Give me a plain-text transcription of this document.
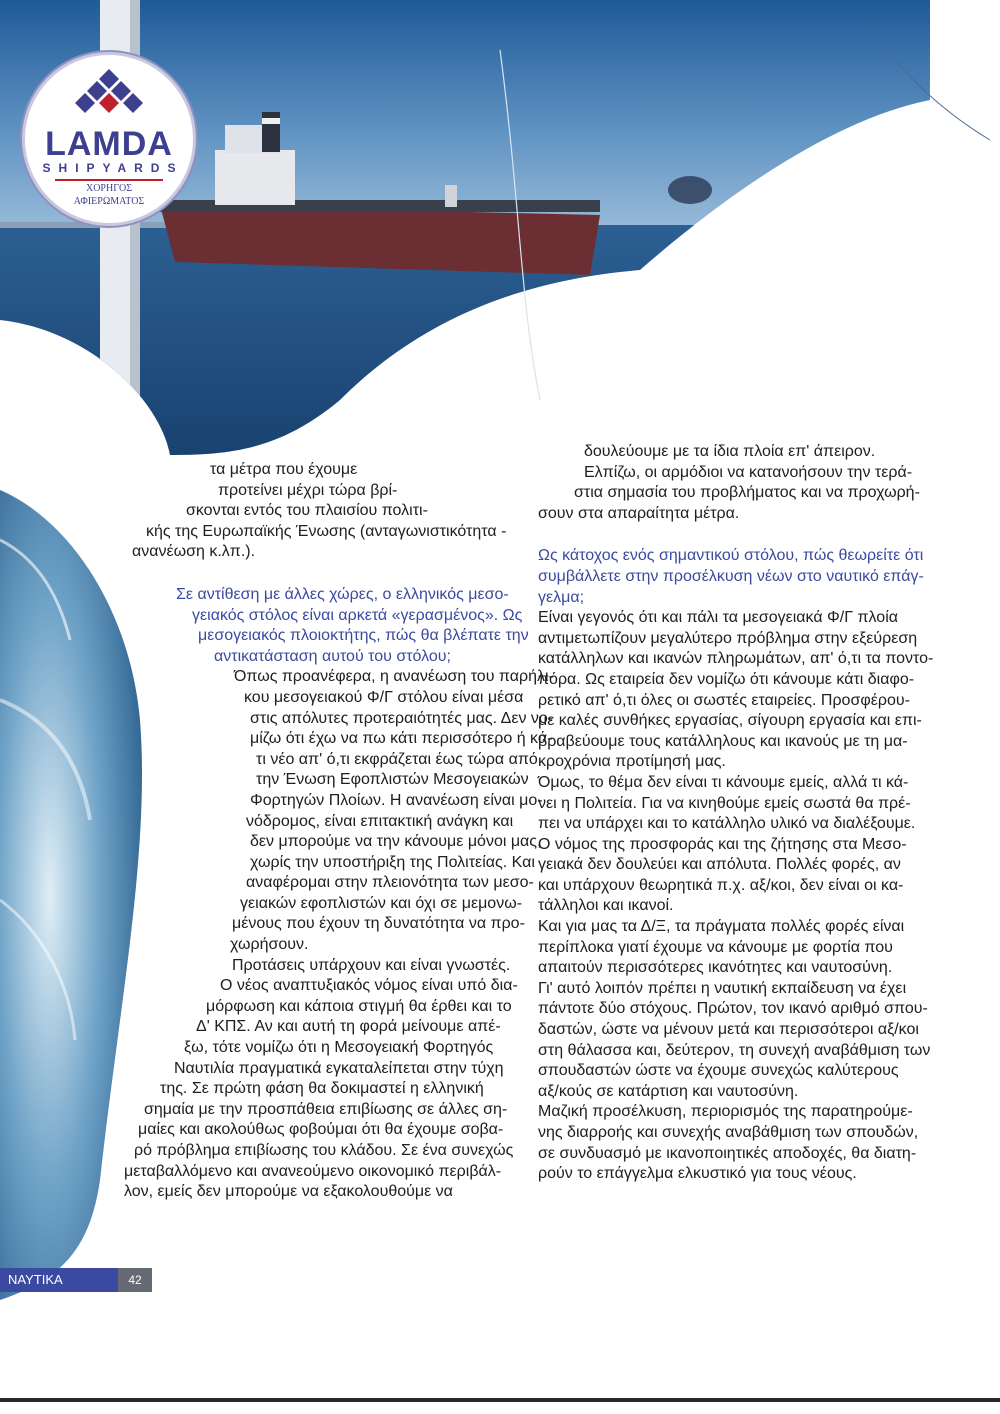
LAMDA
SHIPYARDS
ΧΟΡΗΓΟΣ
ΑΦΙΕΡΩΜΑΤΟΣ

τα μέτρα που έχουμε
προτείνει μέχρι τώρα βρί-
σκονται εντός του πλαισίου πολιτι-
κής της Ευρωπαϊκής Ένωσης (ανταγωνιστικότητα -
ανανέωση κ.λπ.).

Σε αντίθεση με άλλες χώρες, ο ελληνικός μεσο-
γειακός στόλος είναι αρκετά «γερασμένος». Ως
μεσογειακός πλοιοκτήτης, πώς θα βλέπατε την
αντικατάσταση αυτού του στόλου;

Όπως προανέφερα, η ανανέωση του παρήλι-
κου μεσογειακού Φ/Γ στόλου είναι μέσα
στις απόλυτες προτεραιότητές μας. Δεν νο-
μίζω ότι έχω να πω κάτι περισσότερο ή κά-
τι νέο απ' ό,τι εκφράζεται έως τώρα από
την Ένωση Εφοπλιστών Μεσογειακών
Φορτηγών Πλοίων. Η ανανέωση είναι μο-
νόδρομος, είναι επιτακτική ανάγκη και
δεν μπορούμε να την κάνουμε μόνοι μας,
χωρίς την υποστήριξη της Πολιτείας. Και
αναφέρομαι στην πλειονότητα των μεσο-
γειακών εφοπλιστών και όχι σε μεμονω-
μένους που έχουν τη δυνατότητα να προ-
χωρήσουν.

Προτάσεις υπάρχουν και είναι γνωστές.
Ο νέος αναπτυξιακός νόμος είναι υπό δια-
μόρφωση και κάποια στιγμή θα έρθει και το
Δ' ΚΠΣ. Αν και αυτή τη φορά μείνουμε απέ-
ξω, τότε νομίζω ότι η Μεσογειακή Φορτηγός
Ναυτιλία πραγματικά εγκαταλείπεται στην τύχη
της. Σε πρώτη φάση θα δοκιμαστεί η ελληνική
σημαία με την προσπάθεια επιβίωσης σε άλλες ση-
μαίες και ακολούθως φοβούμαι ότι θα έχουμε σοβα-
ρό πρόβλημα επιβίωσης του κλάδου. Σε ένα συνεχώς
μεταβαλλόμενο και ανανεούμενο οικονομικό περιβάλ-
λον, εμείς δεν μπορούμε να εξακολουθούμε να

δουλεύουμε με τα ίδια πλοία επ' άπειρον.
Ελπίζω, οι αρμόδιοι να κατανοήσουν την τερά-
στια σημασία του προβλήματος και να προχωρή-
σουν στα απαραίτητα μέτρα.

Ως κάτοχος ενός σημαντικού στόλου, πώς θεωρείτε ότι
συμβάλλετε στην προσέλκυση νέων στο ναυτικό επάγ-
γελμα;

Είναι γεγονός ότι και πάλι τα μεσογειακά Φ/Γ πλοία
αντιμετωπίζουν μεγαλύτερο πρόβλημα στην εξεύρεση
κατάλληλων και ικανών πληρωμάτων, απ' ό,τι τα ποντο-
πόρα. Ως εταιρεία δεν νομίζω ότι κάνουμε κάτι διαφο-
ρετικό απ' ό,τι όλες οι σωστές εταιρείες. Προσφέρου-
με καλές συνθήκες εργασίας, σίγουρη εργασία και επι-
βραβεύουμε τους κατάλληλους και ικανούς με τη μα-
κροχρόνια προτίμησή μας.

Όμως, το θέμα δεν είναι τι κάνουμε εμείς, αλλά τι κά-
νει η Πολιτεία. Για να κινηθούμε εμείς σωστά θα πρέ-
πει να υπάρχει και το κατάλληλο υλικό να διαλέξουμε.
Ο νόμος της προσφοράς και της ζήτησης στα Μεσο-
γειακά δεν δουλεύει και απόλυτα. Πολλές φορές, αν
και υπάρχουν θεωρητικά π.χ. αξ/κοι, δεν είναι οι κα-
τάλληλοι και ικανοί.

Και για μας τα Δ/Ξ, τα πράγματα πολλές φορές είναι
περίπλοκα γιατί έχουμε να κάνουμε με φορτία που
απαιτούν περισσότερες ικανότητες και ναυτοσύνη.

Γι' αυτό λοιπόν πρέπει η ναυτική εκπαίδευση να έχει
πάντοτε δύο στόχους. Πρώτον, τον ικανό αριθμό σπου-
δαστών, ώστε να μένουν μετά και περισσότεροι αξ/κοι
στη θάλασσα και, δεύτερον, τη συνεχή αναβάθμιση των
σπουδαστών ώστε να έχουμε συνεχώς καλύτερους
αξ/κούς σε κατάρτιση και ναυτοσύνη.

Μαζική προσέλκυση, περιορισμός της παρατηρούμε-
νης διαρροής και συνεχής αναβάθμιση των σπουδών,
σε συνδυασμό με ικανοποιητικές αποδοχές, θα διατη-
ρούν το επάγγελμα ελκυστικό για τους νέους.

ΝΑΥΤΙΚΑ ΧΡΟΝΙΚΑ
42
